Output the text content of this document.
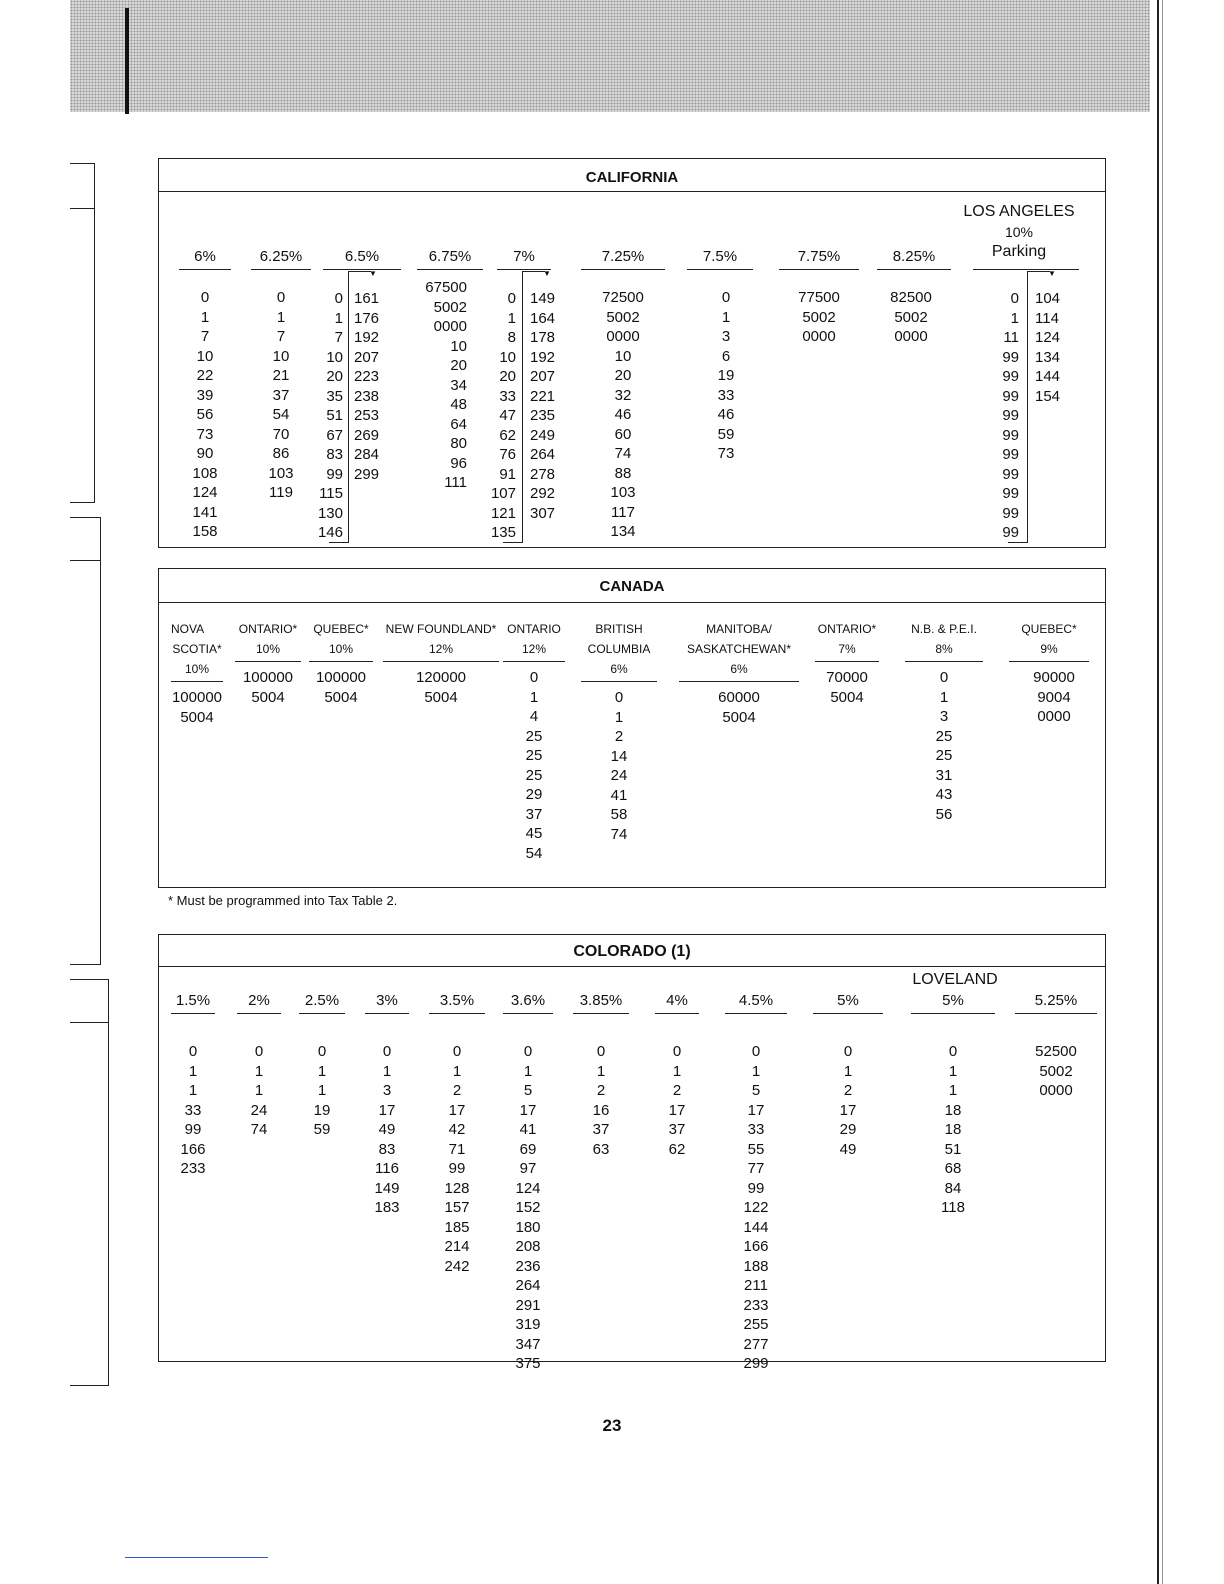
CALIFORNIA
LOS ANGELES
10%
Parking
6%
0
1
7
10
22
39
56
73
90
108
124
141
158
6.25%
0
1
7
10
21
37
54
70
86
103
119
6.5%
0
1
7
10
20
35
51
67
83
99
115
130
146
▼
161
176
192
207
223
238
253
269
284
299
6.75%
67500
5002
0000
10
20
34
48
64
80
96
111
7%
0
1
8
10
20
33
47
62
76
91
107
121
135
▼
149
164
178
192
207
221
235
249
264
278
292
307
7.25%
72500
5002
0000
10
20
32
46
60
74
88
103
117
134
7.5%
0
1
3
6
19
33
46
59
73
7.75%
77500
5002
0000
8.25%
82500
5002
0000
0
1
11
99
99
99
99
99
99
99
99
99
99
▼
104
114
124
134
144
154
CANADA
NOVA
SCOTIA*
10%
100000
5004
ONTARIO*
10%
100000
5004
QUEBEC*
10%
100000
5004
NEW FOUNDLAND*
12%
120000
5004
ONTARIO
12%
0
1
4
25
25
25
29
37
45
54
BRITISH
COLUMBIA
6%
0
1
2
14
24
41
58
74
MANITOBA/
SASKATCHEWAN*
6%
60000
5004
ONTARIO*
7%
70000
5004
N.B. & P.E.I.
8%
0
1
3
25
25
31
43
56
QUEBEC*
9%
90000
9004
0000
* Must be programmed into Tax Table 2.
COLORADO (1)
LOVELAND
1.5%
0
1
1
33
99
166
233
2%
0
1
1
24
74
2.5%
0
1
1
19
59
3%
0
1
3
17
49
83
116
149
183
3.5%
0
1
2
17
42
71
99
128
157
185
214
242
3.6%
0
1
5
17
41
69
97
124
152
180
208
236
264
291
319
347
375
3.85%
0
1
2
16
37
63
4%
0
1
2
17
37
62
4.5%
0
1
5
17
33
55
77
99
122
144
166
188
211
233
255
277
299
5%
0
1
2
17
29
49
5%
0
1
1
18
18
51
68
84
118
5.25%
52500
5002
0000
23
